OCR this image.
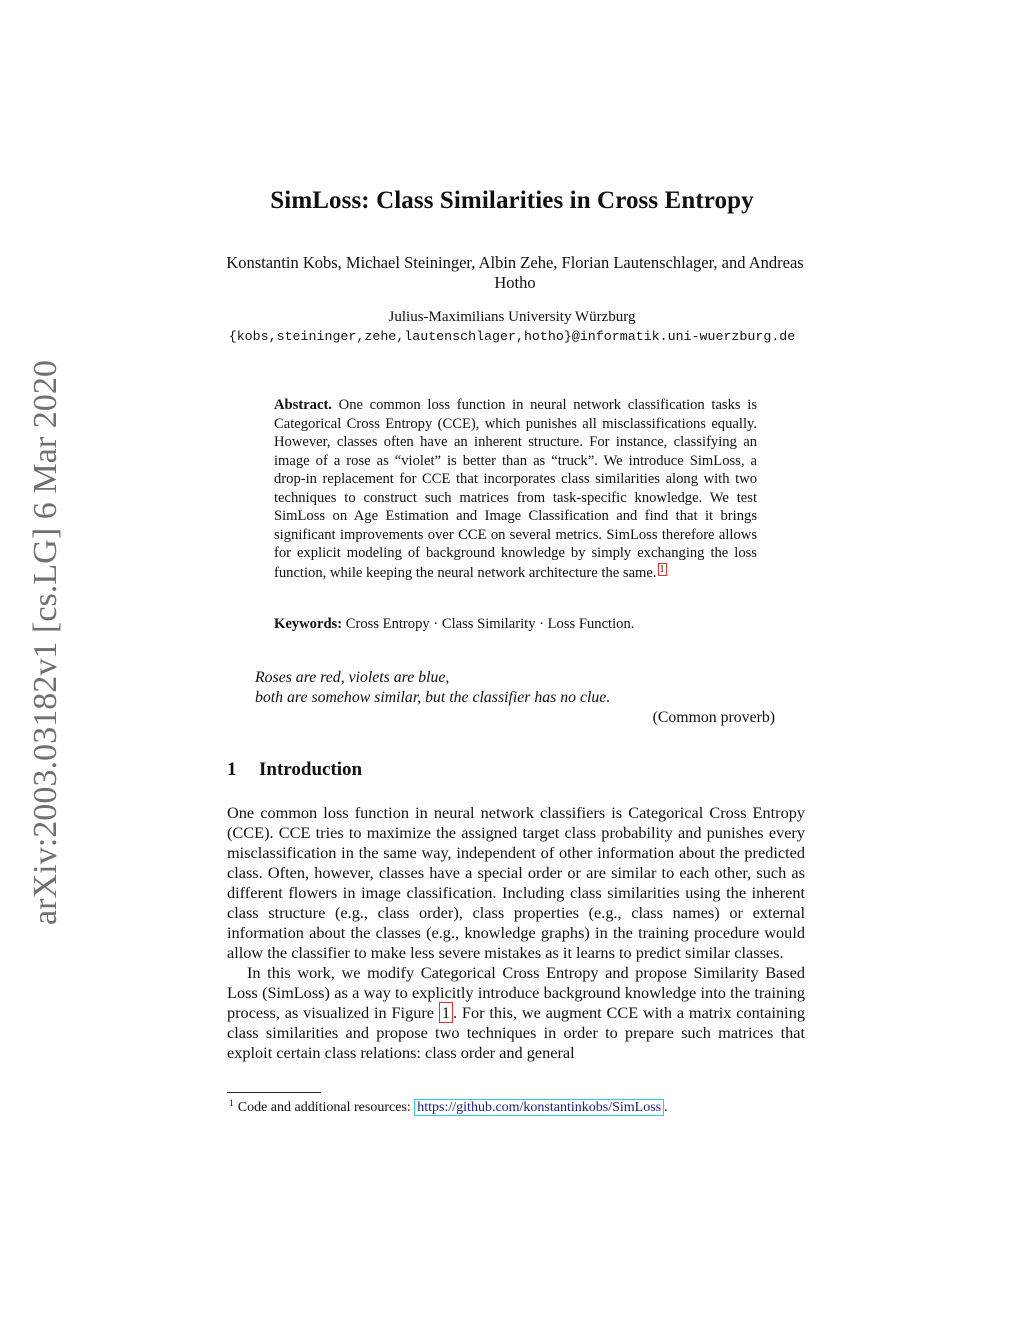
arXiv:2003.03182v1 [cs.LG] 6 Mar 2020
SimLoss: Class Similarities in Cross Entropy
Konstantin Kobs, Michael Steininger, Albin Zehe, Florian Lautenschlager, and Andreas Hotho
Julius-Maximilians University Würzburg
{kobs,steininger,zehe,lautenschlager,hotho}@informatik.uni-wuerzburg.de
Abstract. One common loss function in neural network classification tasks is Categorical Cross Entropy (CCE), which punishes all misclassifications equally. However, classes often have an inherent structure. For instance, classifying an image of a rose as “violet” is better than as “truck”. We introduce SimLoss, a drop-in replacement for CCE that incorporates class similarities along with two techniques to construct such matrices from task-specific knowledge. We test SimLoss on Age Estimation and Image Classification and find that it brings significant improvements over CCE on several metrics. SimLoss therefore allows for explicit modeling of background knowledge by simply exchanging the loss function, while keeping the neural network architecture the same. 1
Keywords: Cross Entropy · Class Similarity · Loss Function.
Roses are red, violets are blue,
both are somehow similar, but the classifier has no clue.
(Common proverb)
1 Introduction

One common loss function in neural network classifiers is Categorical Cross Entropy (CCE). CCE tries to maximize the assigned target class probability and punishes every misclassification in the same way, independent of other information about the predicted class. Often, however, classes have a special order or are similar to each other, such as different flowers in image classification. Including class similarities using the inherent class structure (e.g., class order), class properties (e.g., class names) or external information about the classes (e.g., knowledge graphs) in the training procedure would allow the classifier to make less severe mistakes as it learns to predict similar classes.

In this work, we modify Categorical Cross Entropy and propose Similarity Based Loss (SimLoss) as a way to explicitly introduce background knowledge into the training process, as visualized in Figure 1 . For this, we augment CCE with a matrix containing class similarities and propose two techniques in order to prepare such matrices that exploit certain class relations: class order and general

$^1$ Code and additional resources: https://github.com/konstantinkobs/SimLoss .
